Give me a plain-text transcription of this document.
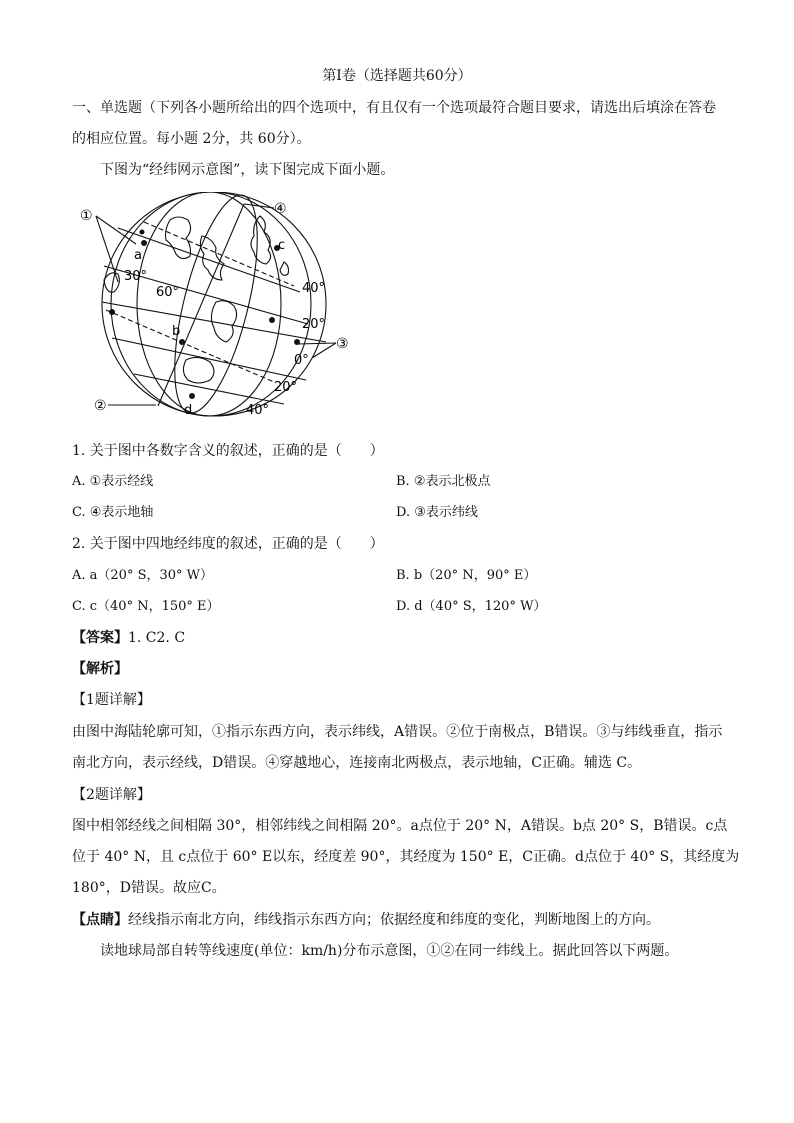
第Ⅰ卷（选择题共60分）
一、单选题（下列各小题所给出的四个选项中，有且仅有一个选项最符合题目要求，请选出后填涂在答卷
的相应位置。每小题 2分，共 60分）。
下图为“经纬网示意图”，读下图完成下面小题。
①
②
③
④
a
b
c
d
30°
60°	40°
20°
0°
20°
40°
1. 关于图中各数字含义的叙述，正确的是（　　）
A. ①表示经线	B. ②表示北极点
C. ④表示地轴	D. ③表示纬线
2. 关于图中四地经纬度的叙述，正确的是（　　）
A. a（20° S，30° W）	B. b（20° N，90° E）
C. c（40° N，150° E）	D. d（40° S，120° W）
【答案】1. C2. C
【解析】
【1题详解】
由图中海陆轮廓可知，①指示东西方向，表示纬线，A错误。②位于南极点，B错误。③与纬线垂直，指示
南北方向，表示经线，D错误。④穿越地心，连接南北两极点，表示地轴，C正确。辅选 C。
【2题详解】
图中相邻经线之间相隔 30°，相邻纬线之间相隔 20°。a点位于 20° N，A错误。b点 20° S，B错误。c点
位于 40° N，且 c点位于 60° E以东，经度差 90°，其经度为 150° E，C正确。d点位于 40° S，其经度为
180°，D错误。故应C。
【点睛】经线指示南北方向，纬线指示东西方向；依据经度和纬度的变化，判断地图上的方向。
读地球局部自转等线速度(单位：km/h)分布示意图，①②在同一纬线上。据此回答以下两题。
